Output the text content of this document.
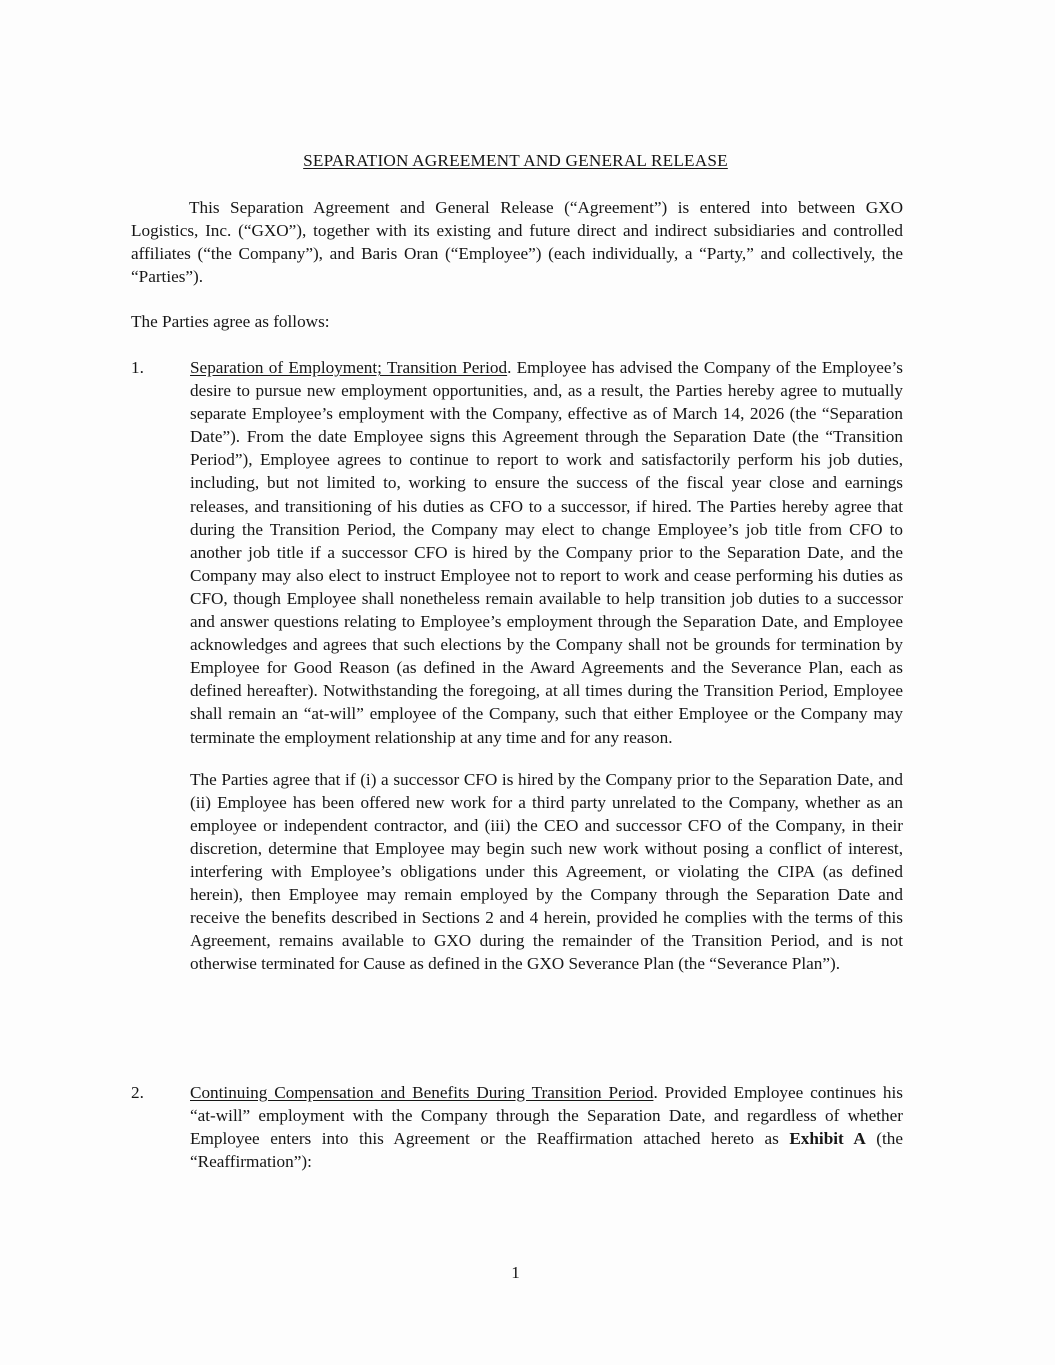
SEPARATION AGREEMENT AND GENERAL RELEASE

This Separation Agreement and General Release (“Agreement”) is entered into between GXO Logistics, Inc. (“GXO”), together with its existing and future direct and indirect subsidiaries and controlled affiliates (“the Company”), and Baris Oran (“Employee”) (each individually, a “Party,” and collectively, the “Parties”).

The Parties agree as follows:

1.	Separation of Employment; Transition Period. Employee has advised the Company of the Employee’s desire to pursue new employment opportunities, and, as a result, the Parties hereby agree to mutually separate Employee’s employment with the Company, effective as of March 14, 2026 (the “Separation Date”). From the date Employee signs this Agreement through the Separation Date (the “Transition Period”), Employee agrees to continue to report to work and satisfactorily perform his job duties, including, but not limited to, working to ensure the success of the fiscal year close and earnings releases, and transitioning of his duties as CFO to a successor, if hired. The Parties hereby agree that during the Transition Period, the Company may elect to change Employee’s job title from CFO to another job title if a successor CFO is hired by the Company prior to the Separation Date, and the Company may also elect to instruct Employee not to report to work and cease performing his duties as CFO, though Employee shall nonetheless remain available to help transition job duties to a successor and answer questions relating to Employee’s employment through the Separation Date, and Employee acknowledges and agrees that such elections by the Company shall not be grounds for termination by Employee for Good Reason (as defined in the Award Agreements and the Severance Plan, each as defined hereafter). Notwithstanding the foregoing, at all times during the Transition Period, Employee shall remain an “at-will” employee of the Company, such that either Employee or the Company may terminate the employment relationship at any time and for any reason.

The Parties agree that if (i) a successor CFO is hired by the Company prior to the Separation Date, and (ii) Employee has been offered new work for a third party unrelated to the Company, whether as an employee or independent contractor, and (iii) the CEO and successor CFO of the Company, in their discretion, determine that Employee may begin such new work without posing a conflict of interest, interfering with Employee’s obligations under this Agreement, or violating the CIPA (as defined herein), then Employee may remain employed by the Company through the Separation Date and receive the benefits described in Sections 2 and 4 herein, provided he complies with the terms of this Agreement, remains available to GXO during the remainder of the Transition Period, and is not otherwise terminated for Cause as defined in the GXO Severance Plan (the “Severance Plan”).

2.	Continuing Compensation and Benefits During Transition Period. Provided Employee continues his “at-will” employment with the Company through the Separation Date, and regardless of whether Employee enters into this Agreement or the Reaffirmation attached hereto as Exhibit A (the “Reaffirmation”):

1
